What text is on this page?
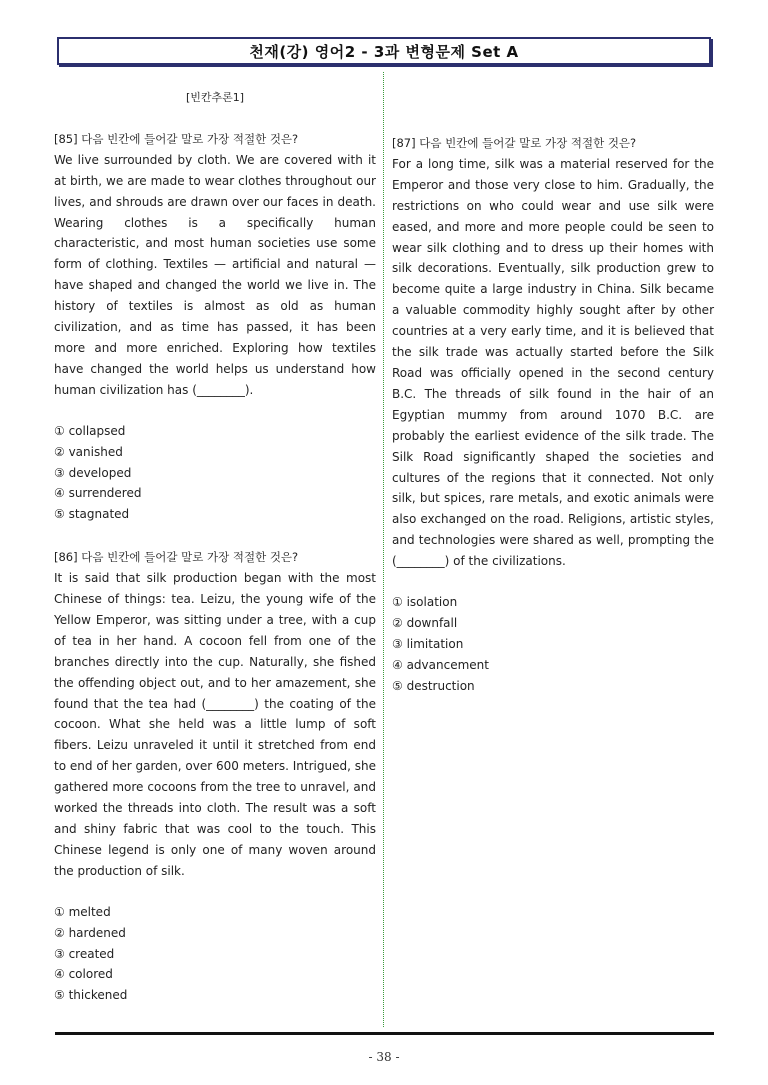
천재(강) 영어2 - 3과 변형문제 Set A
[빈칸추론1]

[85] 다음 빈칸에 들어갈 말로 가장 적절한 것은?

We live surrounded by cloth. We are covered with it at birth, we are made to wear clothes throughout our lives, and shrouds are drawn over our faces in death. Wearing clothes is a specifically human characteristic, and most human societies use some form of clothing. Textiles — artificial and natural — have shaped and changed the world we live in. The history of textiles is almost as old as human civilization, and as time has passed, it has been more and more enriched. Exploring how textiles have changed the world helps us understand how human civilization has (________).

① collapsed
② vanished
③ developed
④ surrendered
⑤ stagnated

[86] 다음 빈칸에 들어갈 말로 가장 적절한 것은?

It is said that silk production began with the most Chinese of things: tea. Leizu, the young wife of the Yellow Emperor, was sitting under a tree, with a cup of tea in her hand. A cocoon fell from one of the branches directly into the cup. Naturally, she fished the offending object out, and to her amazement, she found that the tea had (________) the coating of the cocoon. What she held was a little lump of soft fibers. Leizu unraveled it until it stretched from end to end of her garden, over 600 meters. Intrigued, she gathered more cocoons from the tree to unravel, and worked the threads into cloth. The result was a soft and shiny fabric that was cool to the touch. This Chinese legend is only one of many woven around the production of silk.

① melted
② hardened
③ created
④ colored
⑤ thickened

[87] 다음 빈칸에 들어갈 말로 가장 적절한 것은?

For a long time, silk was a material reserved for the Emperor and those very close to him. Gradually, the restrictions on who could wear and use silk were eased, and more and more people could be seen to wear silk clothing and to dress up their homes with silk decorations. Eventually, silk production grew to become quite a large industry in China. Silk became a valuable commodity highly sought after by other countries at a very early time, and it is believed that the silk trade was actually started before the Silk Road was officially opened in the second century B.C. The threads of silk found in the hair of an Egyptian mummy from around 1070 B.C. are probably the earliest evidence of the silk trade. The Silk Road significantly shaped the societies and cultures of the regions that it connected. Not only silk, but spices, rare metals, and exotic animals were also exchanged on the road. Religions, artistic styles, and technologies were shared as well, prompting the (________) of the civilizations.

① isolation
② downfall
③ limitation
④ advancement
⑤ destruction
- 38 -
